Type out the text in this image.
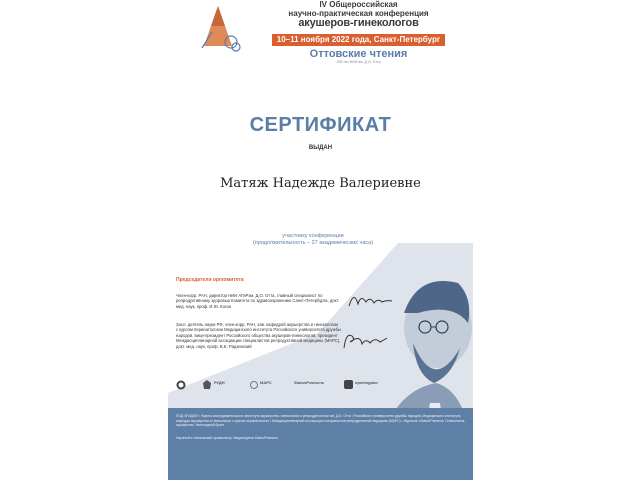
IV Общероссийская
научно-практическая конференция
акушеров-гинекологов
10–11 ноября 2022 года, Санкт-Петербург
Оттовские чтения
225 лет НИИ им. Д.О. Отта
СЕРТИФИКАТ
ВЫДАН
Матяж Надежде Валериевне
участнику конференции
(продолжительность – 27 академических часа)
Председатели оргкомитета
Член-корр. РАН, директор НИИ АГиРэм. Д.О. Отта, главный специалист по репродуктивному здоровью Комитета по здравоохранению Санкт-Петербурга, докт. мед. наук, проф. И.Ю. Коган
Засл. деятель науки РФ, член-корр. РАН, зав. кафедрой акушерства и гинекологии с курсом перинатологии Медицинского института Российского университета дружбы народов, вице-президент Российского общества акушеров-гинекологов, президент Междисциплинарной ассоциации специалистов репродуктивной медицины (МАРС), докт. мед. наук, проф. В.Е. Радзинский
РУДН	МАРС	StatusPraesens	openingator
ПОД ЭГИДОЙ • Научно-исследовательского института акушерства, гинекологии и репродуктологии им. Д.О. Отта • Российского университета дружбы народов, Медицинского института, кафедры акушерства и гинекологии с курсом перинатологии • Междисциплинарной ассоциации специалистов репродуктивной медицины (МАРС) • Журнала «StatusPraesens. Гинекология, акушерство, бесплодный брак»
Научный и технический организатор: Медиагруппа StatusPraesens
